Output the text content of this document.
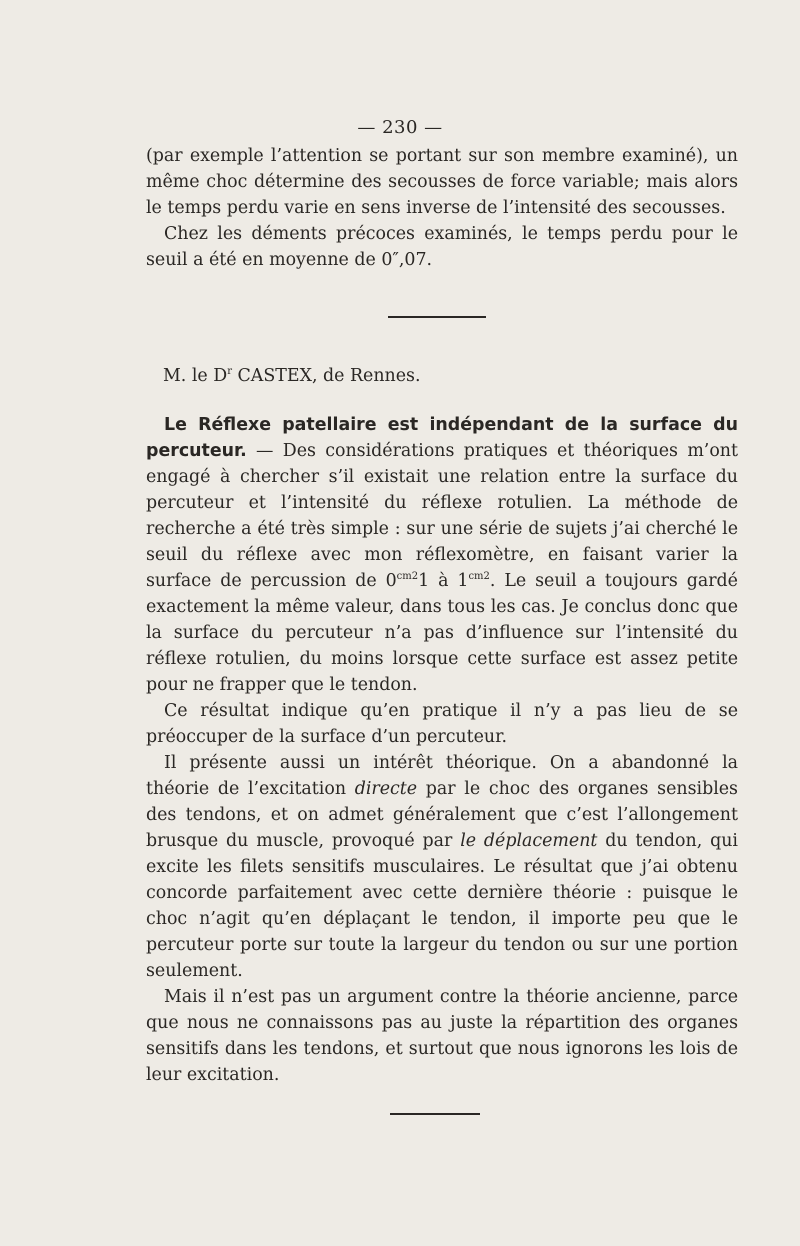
— 230 —

(par exemple l’attention se portant sur son membre examiné), un même choc détermine des secousses de force variable; mais alors le temps perdu varie en sens inverse de l’intensité des secousses.

Chez les déments précoces examinés, le temps perdu pour le seuil a été en moyenne de 0″,07.

M. le $D^r$ CASTEX, de Rennes.

Le Réflexe patellaire est indépendant de la surface du percuteur. — Des considérations pratiques et théoriques m’ont engagé à chercher s’il existait une relation entre la surface du percuteur et l’intensité du réflexe rotulien. La méthode de recherche a été très simple : sur une série de sujets j’ai cherché le seuil du réflexe avec mon réflexomètre, en faisant varier la surface de percussion de $0^{cm2}1$ à $1^{cm2}$. Le seuil a toujours gardé exactement la même valeur, dans tous les cas. Je conclus donc que la surface du percuteur n’a pas d’influence sur l’intensité du réflexe rotulien, du moins lorsque cette surface est assez petite pour ne frapper que le tendon.

Ce résultat indique qu’en pratique il n’y a pas lieu de se préoccuper de la surface d’un percuteur.

Il présente aussi un intérêt théorique. On a abandonné la théorie de l’excitation directe par le choc des organes sensibles des tendons, et on admet généralement que c’est l’allongement brusque du muscle, provoqué par le déplacement du tendon, qui excite les filets sensitifs musculaires. Le résultat que j’ai obtenu concorde parfaitement avec cette dernière théorie : puisque le choc n’agit qu’en déplaçant le tendon, il importe peu que le percuteur porte sur toute la largeur du tendon ou sur une portion seulement.

Mais il n’est pas un argument contre la théorie ancienne, parce que nous ne connaissons pas au juste la répartition des organes sensitifs dans les tendons, et surtout que nous ignorons les lois de leur excitation.
